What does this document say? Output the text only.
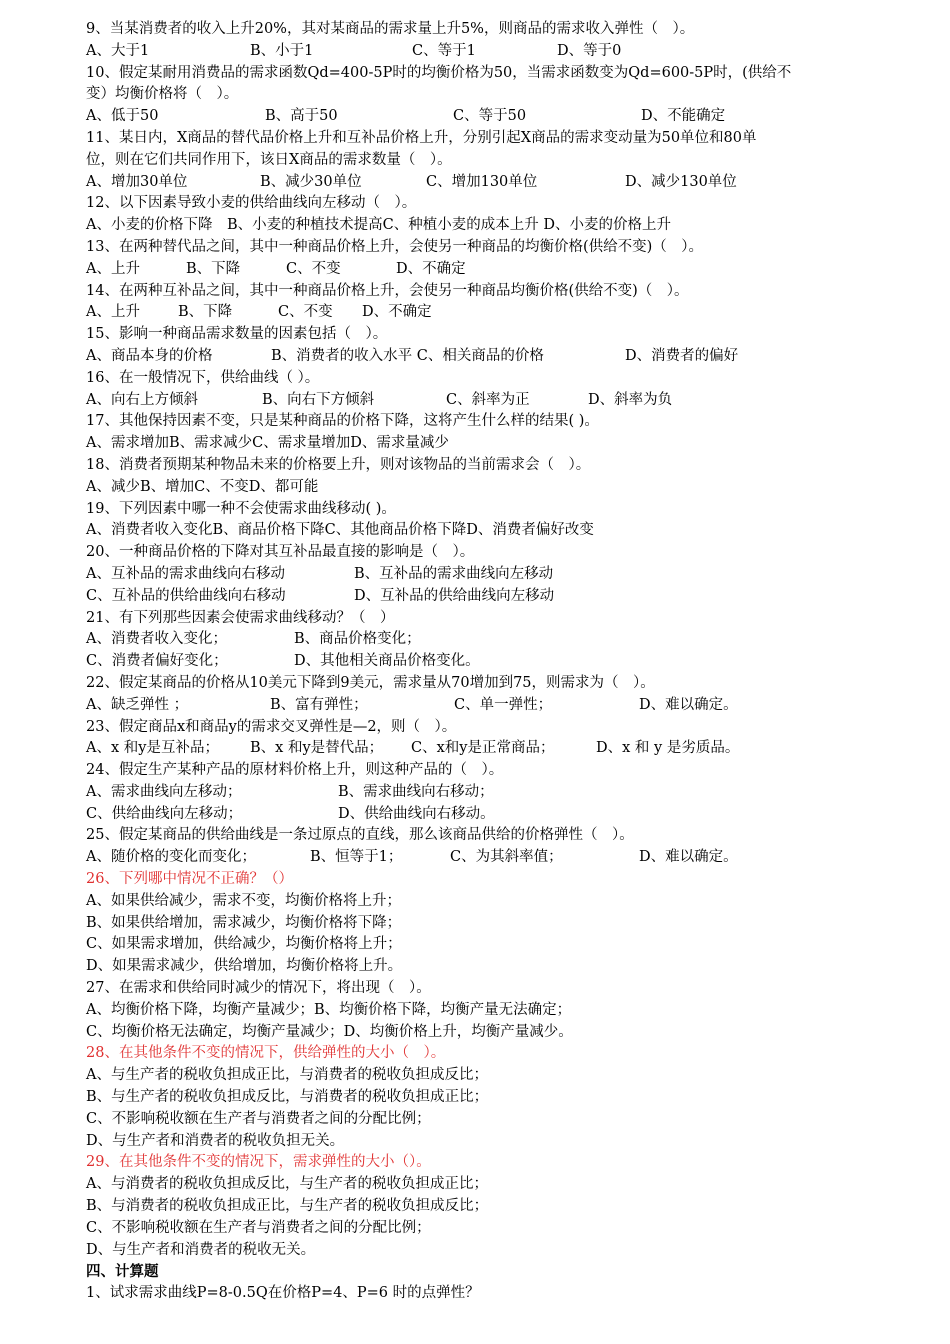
9、当某消费者的收入上升20%，其对某商品的需求量上升5%，则商品的需求收入弹性（　）。
A、大于1	B、小于1	C、等于1	D、等于0
10、假定某耐用消费品的需求函数Qd=400-5P时的均衡价格为50，当需求函数变为Qd=600-5P时，(供给不
变）均衡价格将（　）。
A、低于50	B、高于50	C、等于50	D、不能确定
11、某日内，X商品的替代品价格上升和互补品价格上升，分别引起X商品的需求变动量为50单位和80单
位，则在它们共同作用下，该日X商品的需求数量（　）。
A、增加30单位	B、减少30单位	C、增加130单位	D、减少130单位
12、以下因素导致小麦的供给曲线向左移动（　）。
A、小麦的价格下降　B、小麦的种植技术提高C、种植小麦的成本上升 D、小麦的价格上升
13、在两种替代品之间，其中一种商品价格上升，会使另一种商品的均衡价格(供给不变)（　）。
A、上升	B、下降	C、不变	D、不确定
14、在两种互补品之间，其中一种商品价格上升，会使另一种商品均衡价格(供给不变)（　）。
A、上升	B、下降	C、不变 D、不确定
15、影响一种商品需求数量的因素包括（　）。
A、商品本身的价格	B、消费者的收入水平 C、相关商品的价格	D、消费者的偏好
16、在一般情况下，供给曲线（ ）。
A、向右上方倾斜	B、向右下方倾斜	C、斜率为正	D、斜率为负
17、其他保持因素不变，只是某种商品的价格下降，这将产生什么样的结果( )。
A、需求增加B、需求减少C、需求量增加D、需求量减少
18、消费者预期某种物品未来的价格要上升，则对该物品的当前需求会（　）。
A、减少B、增加C、不变D、都可能
19、下列因素中哪一种不会使需求曲线移动( )。
A、消费者收入变化B、商品价格下降C、其他商品价格下降D、消费者偏好改变
20、一种商品价格的下降对其互补品最直接的影响是（　）。
A、互补品的需求曲线向右移动	B、互补品的需求曲线向左移动
C、互补品的供给曲线向右移动	D、互补品的供给曲线向左移动
21、有下列那些因素会使需求曲线移动？（　）
A、消费者收入变化；	B、商品价格变化；
C、消费者偏好变化；	D、其他相关商品价格变化。
22、假定某商品的价格从10美元下降到9美元，需求量从70增加到75，则需求为（　）。
A、缺乏弹性 ；	B、富有弹性；	C、单一弹性；	D、难以确定。
23、假定商品x和商品y的需求交叉弹性是—2，则（　）。
A、x 和y是互补品； B、x 和y是替代品； C、x和y是正常商品；	D、x 和 y 是劣质品。
24、假定生产某种产品的原材料价格上升，则这种产品的（　）。
A、需求曲线向左移动；	B、需求曲线向右移动；
C、供给曲线向左移动；	D、供给曲线向右移动。
25、假定某商品的供给曲线是一条过原点的直线，那么该商品供给的价格弹性（　）。
A、随价格的变化而变化；	B、恒等于1；	C、为其斜率值；	D、难以确定。
26、下列哪中情况不正确？（）
A、如果供给减少，需求不变，均衡价格将上升；
B、如果供给增加，需求减少，均衡价格将下降；
C、如果需求增加，供给减少，均衡价格将上升；
D、如果需求减少，供给增加，均衡价格将上升。
27、在需求和供给同时减少的情况下，将出现（　）。
A、均衡价格下降，均衡产量减少；B、均衡价格下降，均衡产量无法确定；
C、均衡价格无法确定，均衡产量减少；D、均衡价格上升，均衡产量减少。
28、在其他条件不变的情况下，供给弹性的大小（　）。
A、与生产者的税收负担成正比，与消费者的税收负担成反比；
B、与生产者的税收负担成反比，与消费者的税收负担成正比；
C、不影响税收额在生产者与消费者之间的分配比例；
D、与生产者和消费者的税收负担无关。
29、在其他条件不变的情况下，需求弹性的大小（）。
A、与消费者的税收负担成反比，与生产者的税收负担成正比；
B、与消费者的税收负担成正比，与生产者的税收负担成反比；
C、不影响税收额在生产者与消费者之间的分配比例；
D、与生产者和消费者的税收无关。
四、计算题
1、试求需求曲线P=8-0.5Q在价格P=4、P=6 时的点弹性？
